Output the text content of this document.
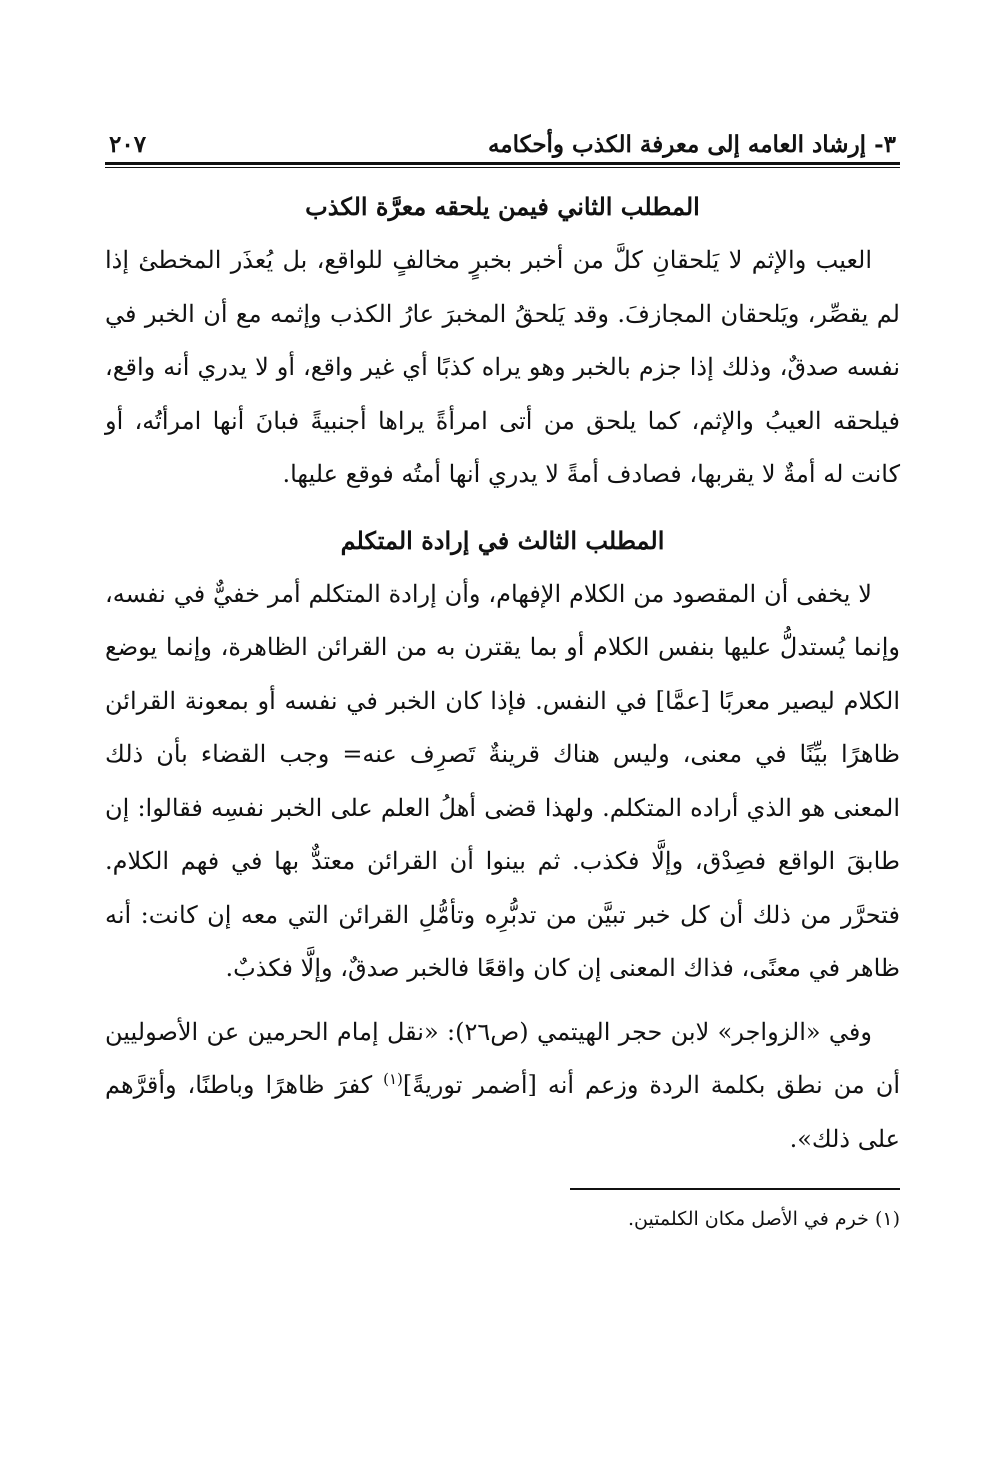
٣- إرشاد العامه إلى معرفة الكذب وأحكامه
٢٠٧
المطلب الثاني فيمن يلحقه معرَّة الكذب

العيب والإثم لا يَلحقانِ كلَّ من أخبر بخبرٍ مخالفٍ للواقع، بل يُعذَر المخطئ إذا لم يقصِّر، ويَلحقان المجازفَ. وقد يَلحقُ المخبرَ عارُ الكذب وإثمه مع أن الخبر في نفسه صدقٌ، وذلك إذا جزم بالخبر وهو يراه كذبًا أي غير واقع، أو لا يدري أنه واقع، فيلحقه العيبُ والإثم، كما يلحق من أتى امرأةً يراها أجنبيةً فبانَ أنها امرأتُه، أو كانت له أمةٌ لا يقربها، فصادف أمةً لا يدري أنها أمتُه فوقع عليها.

المطلب الثالث في إرادة المتكلم

لا يخفى أن المقصود من الكلام الإفهام، وأن إرادة المتكلم أمر خفيٌّ في نفسه، وإنما يُستدلُّ عليها بنفس الكلام أو بما يقترن به من القرائن الظاهرة، وإنما يوضع الكلام ليصير معربًا [عمَّا] في النفس. فإذا كان الخبر في نفسه أو بمعونة القرائن ظاهرًا بيِّنًا في معنى، وليس هناك قرينةٌ تَصرِف عنه= وجب القضاء بأن ذلك المعنى هو الذي أراده المتكلم. ولهذا قضى أهلُ العلم على الخبر نفسِه فقالوا: إن طابقَ الواقع فصِدْق، وإلَّا فكذب. ثم بينوا أن القرائن معتدٌّ بها في فهم الكلام. فتحرَّر من ذلك أن كل خبر تبيَّن من تدبُّرِه وتأمُّلِ القرائن التي معه إن كانت: أنه ظاهر في معنًى، فذاك المعنى إن كان واقعًا فالخبر صدقٌ، وإلَّا فكذبٌ.

وفي «الزواجر» لابن حجر الهيتمي (ص٢٦): «نقل إمام الحرمين عن الأصوليين أن من نطق بكلمة الردة وزعم أنه [أضمر توريةً]$^{(١)}$ كفرَ ظاهرًا وباطنًا، وأقرَّهم على ذلك».

(١) خرم في الأصل مكان الكلمتين.
